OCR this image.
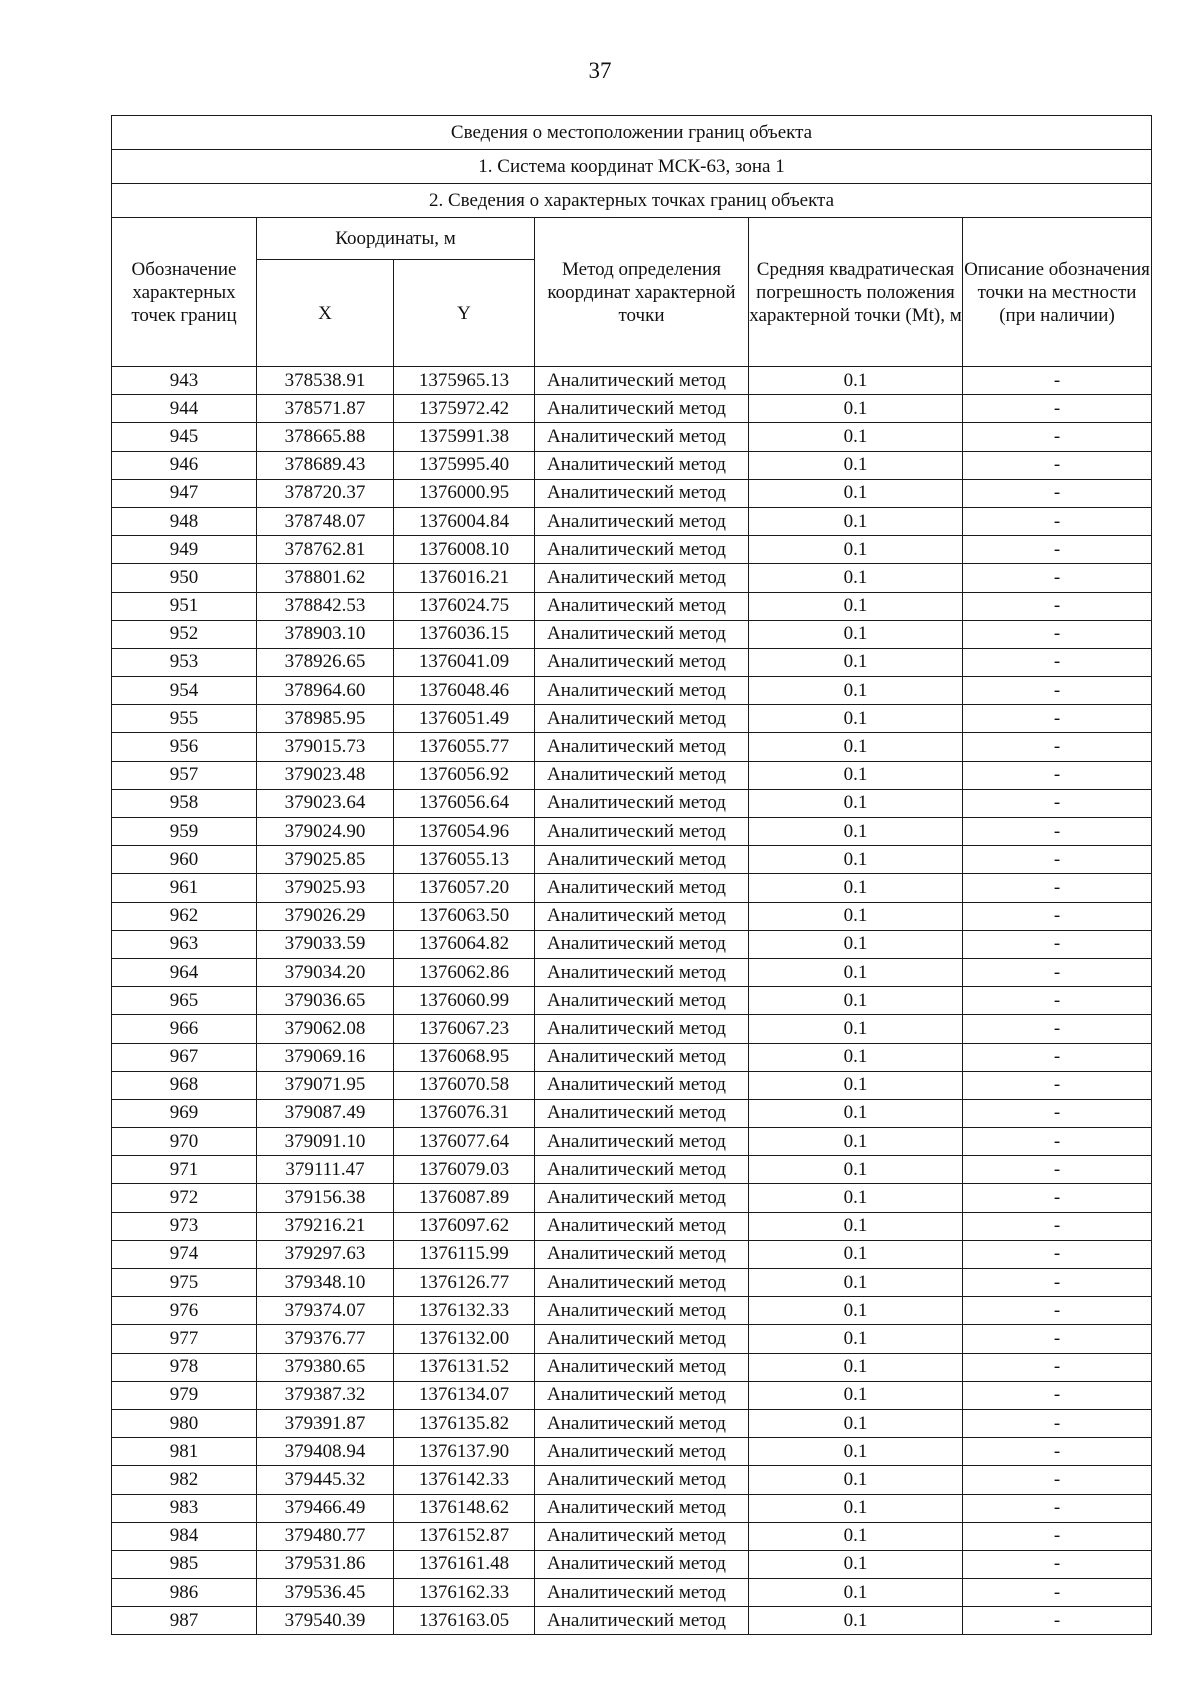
37
Сведения о местоположении границ объекта					
1. Система координат МСК-63, зона 1					
2. Сведения о характерных точках границ объекта					
Обозначение характерных точек границ	Координаты, м		Метод определения координат характерной точки	Средняя квадратическая погрешность положения характерной точки (Mt), м	Описание обозначения точки на местности (при наличии)
	X	Y			
943	378538.91	1375965.13	Аналитический метод	0.1	-
944	378571.87	1375972.42	Аналитический метод	0.1	-
945	378665.88	1375991.38	Аналитический метод	0.1	-
946	378689.43	1375995.40	Аналитический метод	0.1	-
947	378720.37	1376000.95	Аналитический метод	0.1	-
948	378748.07	1376004.84	Аналитический метод	0.1	-
949	378762.81	1376008.10	Аналитический метод	0.1	-
950	378801.62	1376016.21	Аналитический метод	0.1	-
951	378842.53	1376024.75	Аналитический метод	0.1	-
952	378903.10	1376036.15	Аналитический метод	0.1	-
953	378926.65	1376041.09	Аналитический метод	0.1	-
954	378964.60	1376048.46	Аналитический метод	0.1	-
955	378985.95	1376051.49	Аналитический метод	0.1	-
956	379015.73	1376055.77	Аналитический метод	0.1	-
957	379023.48	1376056.92	Аналитический метод	0.1	-
958	379023.64	1376056.64	Аналитический метод	0.1	-
959	379024.90	1376054.96	Аналитический метод	0.1	-
960	379025.85	1376055.13	Аналитический метод	0.1	-
961	379025.93	1376057.20	Аналитический метод	0.1	-
962	379026.29	1376063.50	Аналитический метод	0.1	-
963	379033.59	1376064.82	Аналитический метод	0.1	-
964	379034.20	1376062.86	Аналитический метод	0.1	-
965	379036.65	1376060.99	Аналитический метод	0.1	-
966	379062.08	1376067.23	Аналитический метод	0.1	-
967	379069.16	1376068.95	Аналитический метод	0.1	-
968	379071.95	1376070.58	Аналитический метод	0.1	-
969	379087.49	1376076.31	Аналитический метод	0.1	-
970	379091.10	1376077.64	Аналитический метод	0.1	-
971	379111.47	1376079.03	Аналитический метод	0.1	-
972	379156.38	1376087.89	Аналитический метод	0.1	-
973	379216.21	1376097.62	Аналитический метод	0.1	-
974	379297.63	1376115.99	Аналитический метод	0.1	-
975	379348.10	1376126.77	Аналитический метод	0.1	-
976	379374.07	1376132.33	Аналитический метод	0.1	-
977	379376.77	1376132.00	Аналитический метод	0.1	-
978	379380.65	1376131.52	Аналитический метод	0.1	-
979	379387.32	1376134.07	Аналитический метод	0.1	-
980	379391.87	1376135.82	Аналитический метод	0.1	-
981	379408.94	1376137.90	Аналитический метод	0.1	-
982	379445.32	1376142.33	Аналитический метод	0.1	-
983	379466.49	1376148.62	Аналитический метод	0.1	-
984	379480.77	1376152.87	Аналитический метод	0.1	-
985	379531.86	1376161.48	Аналитический метод	0.1	-
986	379536.45	1376162.33	Аналитический метод	0.1	-
987	379540.39	1376163.05	Аналитический метод	0.1	-
